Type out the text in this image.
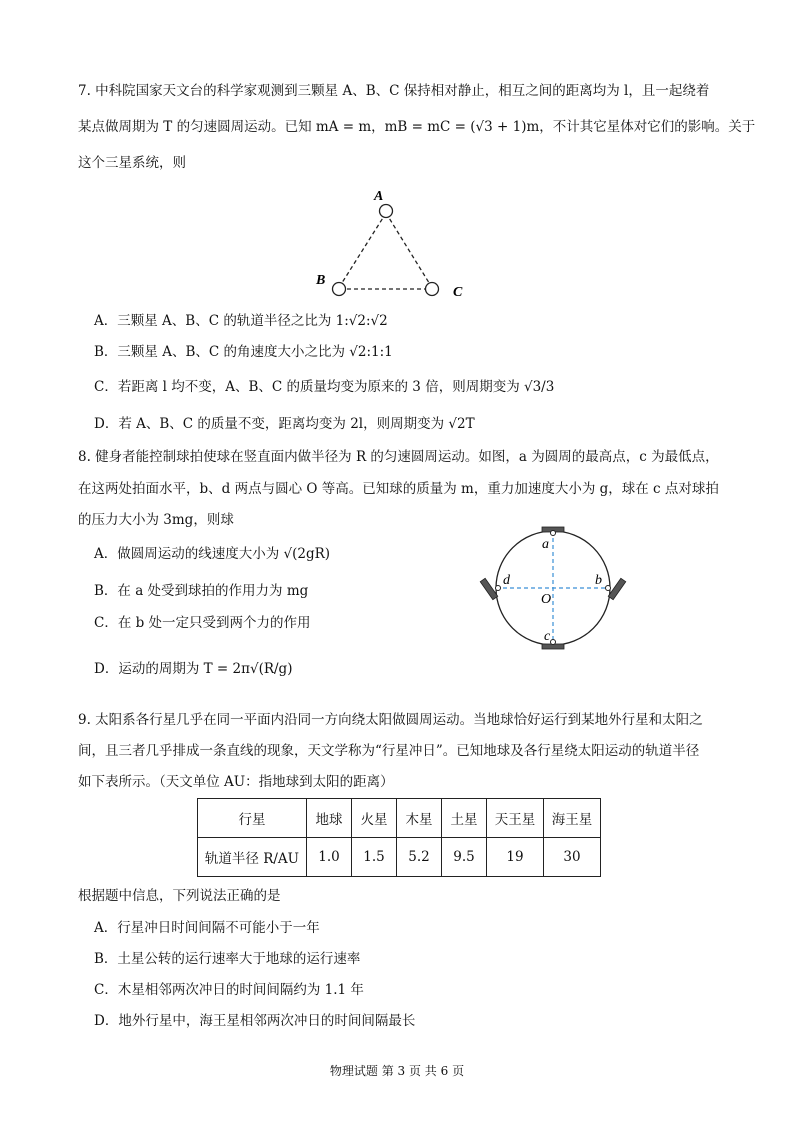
7. 中科院国家天文台的科学家观测到三颗星 A、B、C 保持相对静止，相互之间的距离均为 l，且一起绕着
某点做周期为 T 的匀速圆周运动。已知 mA = m，mB = mC = (√3 + 1)m，不计其它星体对它们的影响。关于
这个三星系统，则
A
B
C
A．三颗星 A、B、C 的轨道半径之比为 1:√2:√2
B．三颗星 A、B、C 的角速度大小之比为 √2:1:1
C．若距离 l 均不变，A、B、C 的质量均变为原来的 3 倍，则周期变为 √3/3
D．若 A、B、C 的质量不变，距离均变为 2l，则周期变为 √2T
8. 健身者能控制球拍使球在竖直面内做半径为 R 的匀速圆周运动。如图，a 为圆周的最高点，c 为最低点，
在这两处拍面水平，b、d 两点与圆心 O 等高。已知球的质量为 m，重力加速度大小为 g，球在 c 点对球拍
的压力大小为 3mg，则球
A．做圆周运动的线速度大小为 √(2gR)
B．在 a 处受到球拍的作用力为 mg
C．在 b 处一定只受到两个力的作用
D．运动的周期为 T = 2π√(R/g)
a
c
d	b
O
9. 太阳系各行星几乎在同一平面内沿同一方向绕太阳做圆周运动。当地球恰好运行到某地外行星和太阳之
间，且三者几乎排成一条直线的现象，天文学称为“行星冲日”。已知地球及各行星绕太阳运动的轨道半径
如下表所示。（天文单位 AU：指地球到太阳的距离）
行星	地球	火星	木星	土星	天王星	海王星
轨道半径 R/AU	1.0	1.5	5.2	9.5	19	30
根据题中信息，下列说法正确的是
A．行星冲日时间间隔不可能小于一年
B．土星公转的运行速率大于地球的运行速率
C．木星相邻两次冲日的时间间隔约为 1.1 年
D．地外行星中，海王星相邻两次冲日的时间间隔最长
物理试题 第 3 页 共 6 页
